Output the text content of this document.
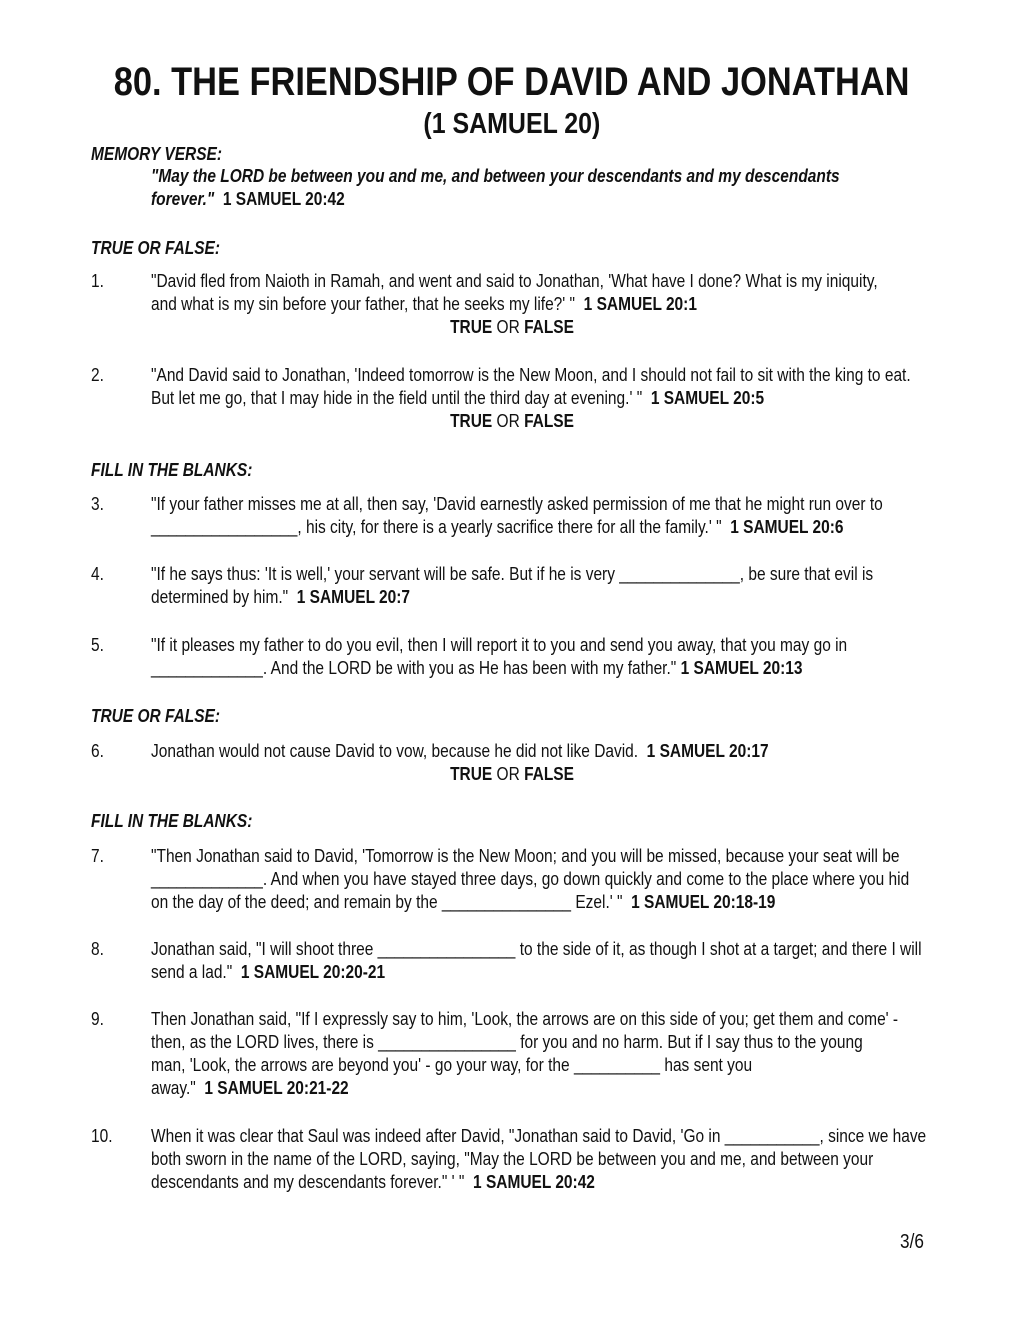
80. THE FRIENDSHIP OF DAVID AND JONATHAN
(1 SAMUEL 20)
MEMORY VERSE:
"May the LORD be between you and me, and between your descendants and my descendants
forever." 1 SAMUEL 20:42
TRUE OR FALSE:
1.	"David fled from Naioth in Ramah, and went and said to Jonathan, 'What have I done? What is my iniquity,
and what is my sin before your father, that he seeks my life?' " 1 SAMUEL 20:1
TRUE OR FALSE
2.	"And David said to Jonathan, 'Indeed tomorrow is the New Moon, and I should not fail to sit with the king to eat.
But let me go, that I may hide in the field until the third day at evening.' " 1 SAMUEL 20:5
TRUE OR FALSE
FILL IN THE BLANKS:
3.	"If your father misses me at all, then say, 'David earnestly asked permission of me that he might run over to
_________________, his city, for there is a yearly sacrifice there for all the family.' " 1 SAMUEL 20:6
4.	"If he says thus: 'It is well,' your servant will be safe. But if he is very ______________, be sure that evil is
determined by him." 1 SAMUEL 20:7
5.	"If it pleases my father to do you evil, then I will report it to you and send you away, that you may go in
_____________. And the LORD be with you as He has been with my father." 1 SAMUEL 20:13
TRUE OR FALSE:
6.	Jonathan would not cause David to vow, because he did not like David. 1 SAMUEL 20:17
TRUE OR FALSE
FILL IN THE BLANKS:
7.	"Then Jonathan said to David, 'Tomorrow is the New Moon; and you will be missed, because your seat will be
_____________. And when you have stayed three days, go down quickly and come to the place where you hid
on the day of the deed; and remain by the _______________ Ezel.' " 1 SAMUEL 20:18-19
8.	Jonathan said, "I will shoot three ________________ to the side of it, as though I shot at a target; and there I will
send a lad." 1 SAMUEL 20:20-21
9.	Then Jonathan said, "If I expressly say to him, 'Look, the arrows are on this side of you; get them and come' -
then, as the LORD lives, there is ________________ for you and no harm. But if I say thus to the young
man, 'Look, the arrows are beyond you' - go your way, for the __________ has sent you
away." 1 SAMUEL 20:21-22
10. When it was clear that Saul was indeed after David, "Jonathan said to David, 'Go in ___________, since we have
both sworn in the name of the LORD, saying, "May the LORD be between you and me, and between your
descendants and my descendants forever." ' " 1 SAMUEL 20:42
3/6
